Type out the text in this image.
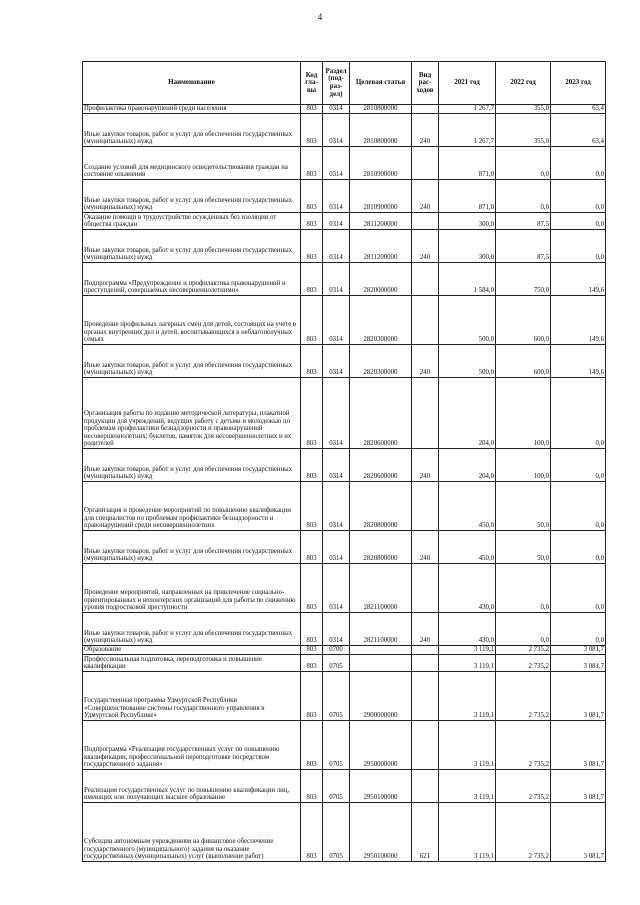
4
Наименование	Код гла- вы	Раздел (под- раз- дел)	Целевая статья	Вид рас- ходов	2021 год	2022 год	2023 год
Профилактика правонарушений среди населения	803	0314	2810800000		1 267,7	355,0	63,4
Иные закупки товаров, работ и услуг для обеспечения государственных (муниципальных) нужд	803	0314	2810800000	240	1 267,7	355,0	63,4
Создание условий для медицинского освидетельствования граждан на состояние опьянения	803	0314	2810900000		871,0	0,0	0,0
Иные закупки товаров, работ и услуг для обеспечения государственных (муниципальных) нужд	803	0314	2810900000	240	871,0	0,0	0,0
Оказание помощи в трудоустройстве осужденных без изоляции от общества граждан	803	0314	2811200000		300,0	87,5	0,0
Иные закупки товаров, работ и услуг для обеспечения государственных (муниципальных) нужд	803	0314	2811200000	240	300,0	87,5	0,0
Подпрограмма «Предупреждение и профилактика правонарушений и преступлений, совершаемых несовершеннолетними»	803	0314	2820000000		1 584,0	750,0	149,6
Проведение профильных лагерных смен для детей, состоящих на учете в органах внутренних дел и детей, воспитывающихся в неблагополучных семьях	803	0314	2820300000		500,0	600,0	149,6
Иные закупки товаров, работ и услуг для обеспечения государственных (муниципальных) нужд	803	0314	2820300000	240	500,0	600,0	149,6
Организация работы по изданию методической литературы, плакатной продукции для учреждений, ведущих работу с детьми и молодежью по проблемам профилактики безнадзорности и правонарушений несовершеннолетних; буклетов, памяток для несовершеннолетних и их родителей	803	0314	2820600000		204,0	100,0	0,0
Иные закупки товаров, работ и услуг для обеспечения государственных (муниципальных) нужд	803	0314	2820600000	240	204,0	100,0	0,0
Организация и проведение мероприятий по повышению квалификации для специалистов по проблемам профилактики безнадзорности и правонарушений среди несовершеннолетних	803	0314	2820800000		450,0	50,0	0,0
Иные закупки товаров, работ и услуг для обеспечения государственных (муниципальных) нужд	803	0314	2820800000	240	450,0	50,0	0,0
Проведение мероприятий, направленных на привлечение социально-ориентированных и волонтерских организаций для работы по снижению уровня подростковой преступности	803	0314	2821100000		430,0	0,0	0,0
Иные закупки товаров, работ и услуг для обеспечения государственных (муниципальных) нужд	803	0314	2821100000	240	430,0	0,0	0,0
Образование	803	0700			3 119,1	2 735,2	3 081,7
Профессиональная подготовка, переподготовка и повышение квалификации	803	0705			3 119,1	2 735,2	3 081,7
Государственная программа Удмуртской Республики «Совершенствование системы государственного управления в Удмуртской Республике»	803	0705	2900000000		3 119,1	2 735,2	3 081,7
Подпрограмма «Реализация государственных услуг по повышению квалификации, профессиональной переподготовке посредством государственного задания»	803	0705	2950000000		3 119,1	2 735,2	3 081,7
Реализация государственных услуг по повышению квалификации лиц, имеющих или получающих высшее образование	803	0705	2950100000		3 119,1	2 735,2	3 081,7
Субсидии автономным учреждениям на финансовое обеспечение государственного (муниципального) задания на оказание государственных (муниципальных) услуг (выполнение работ)	803	0705	2950100000	621	3 119,1	2 735,2	3 081,7
